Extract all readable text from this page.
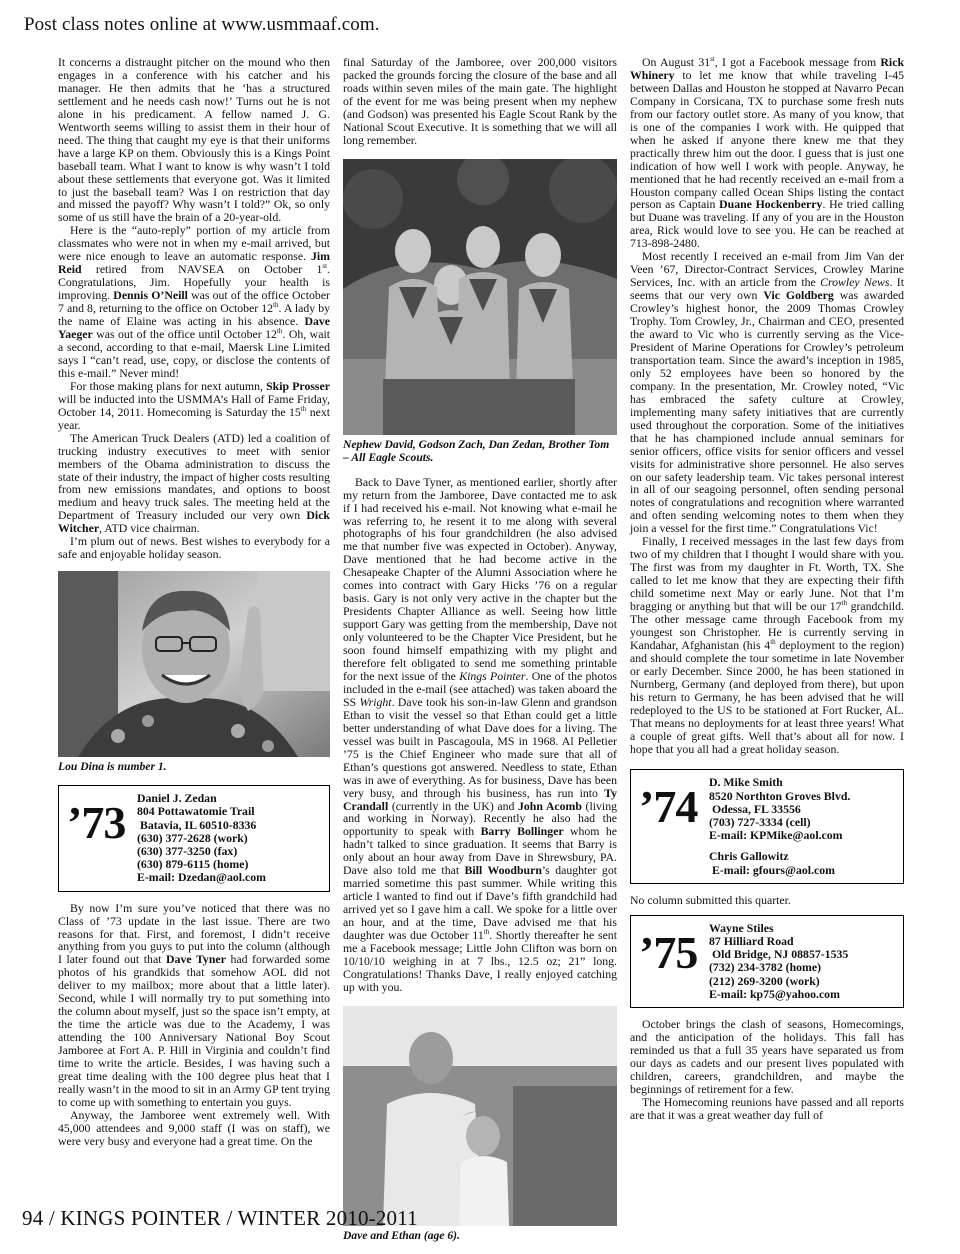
Post class notes online at www.usmmaaf.com.

It concerns a distraught pitcher on the mound who then engages in a conference with his catcher and his manager. He then admits that he ‘has a structured settlement and he needs cash now!’ Turns out he is not alone in his predicament. A fellow named J. G. Wentworth seems willing to assist them in their hour of need. The thing that caught my eye is that their uniforms have a large KP on them. Obviously this is a Kings Point baseball team. What I want to know is why wasn’t I told about these settlements that everyone got. Was it limited to just the baseball team? Was I on restriction that day and missed the payoff? Why wasn’t I told?” Ok, so only some of us still have the brain of a 20-year-old.

Here is the “auto-reply” portion of my article from classmates who were not in when my e-mail arrived, but were nice enough to leave an automatic response. Jim Reid retired from NAVSEA on October 1st. Congratulations, Jim. Hopefully your health is improving. Dennis O’Neill was out of the office October 7 and 8, returning to the office on October 12th. A lady by the name of Elaine was acting in his absence. Dave Yaeger was out of the office until October 12th. Oh, wait a second, according to that e-mail, Maersk Line Limited says I “can’t read, use, copy, or disclose the contents of this e-mail.” Never mind!

For those making plans for next autumn, Skip Prosser will be inducted into the USMMA’s Hall of Fame Friday, October 14, 2011. Homecoming is Saturday the 15th next year.

The American Truck Dealers (ATD) led a coalition of trucking industry executives to meet with senior members of the Obama administration to discuss the state of their industry, the impact of higher costs resulting from new emissions mandates, and options to boost medium and heavy truck sales. The meeting held at the Department of Treasury included our very own Dick Witcher, ATD vice chairman.

I’m plum out of news. Best wishes to everybody for a safe and enjoyable holiday season.

Lou Dina is number 1.
’73 Daniel J. Zedan
804 Pottawatomie Trail
Batavia, IL 60510-8336
(630) 377-2628 (work)
(630) 377-3250 (fax)
(630) 879-6115 (home)
E-mail: Dzedan@aol.com

By now I’m sure you’ve noticed that there was no Class of ’73 update in the last issue. There are two reasons for that. First, and foremost, I didn’t receive anything from you guys to put into the column (although I later found out that Dave Tyner had forwarded some photos of his grandkids that somehow AOL did not deliver to my mailbox; more about that a little later). Second, while I will normally try to put something into the column about myself, just so the space isn’t empty, at the time the article was due to the Academy, I was attending the 100 Anniversary National Boy Scout Jamboree at Fort A. P. Hill in Virginia and couldn’t find time to write the article. Besides, I was having such a great time dealing with the 100 degree plus heat that I really wasn’t in the mood to sit in an Army GP tent trying to come up with something to entertain you guys.

Anyway, the Jamboree went extremely well. With 45,000 attendees and 9,000 staff (I was on staff), we were very busy and everyone had a great time. On the

final Saturday of the Jamboree, over 200,000 visitors packed the grounds forcing the closure of the base and all roads within seven miles of the main gate. The highlight of the event for me was being present when my nephew (and Godson) was presented his Eagle Scout Rank by the National Scout Executive. It is something that we will all long remember.

Nephew David, Godson Zach, Dan Zedan, Brother Tom – All Eagle Scouts.

Back to Dave Tyner, as mentioned earlier, shortly after my return from the Jamboree, Dave contacted me to ask if I had received his e-mail. Not knowing what e-mail he was referring to, he resent it to me along with several photographs of his four grandchildren (he also advised me that number five was expected in October). Anyway, Dave mentioned that he had become active in the Chesapeake Chapter of the Alumni Association where he comes into contract with Gary Hicks ’76 on a regular basis. Gary is not only very active in the chapter but the Presidents Chapter Alliance as well. Seeing how little support Gary was getting from the membership, Dave not only volunteered to be the Chapter Vice President, but he soon found himself empathizing with my plight and therefore felt obligated to send me something printable for the next issue of the Kings Pointer. One of the photos included in the e-mail (see attached) was taken aboard the SS Wright. Dave took his son-in-law Glenn and grandson Ethan to visit the vessel so that Ethan could get a little better understanding of what Dave does for a living. The vessel was built in Pascagoula, MS in 1968. Al Pelletier ’75 is the Chief Engineer who made sure that all of Ethan’s questions got answered. Needless to state, Ethan was in awe of everything. As for business, Dave has been very busy, and through his business, has run into Ty Crandall (currently in the UK) and John Acomb (living and working in Norway). Recently he also had the opportunity to speak with Barry Bollinger whom he hadn’t talked to since graduation. It seems that Barry is only about an hour away from Dave in Shrewsbury, PA. Dave also told me that Bill Woodburn’s daughter got married sometime this past summer. While writing this article I wanted to find out if Dave’s fifth grandchild had arrived yet so I gave him a call. We spoke for a little over an hour, and at the time, Dave advised me that his daughter was due October 11th. Shortly thereafter he sent me a Facebook message; Little John Clifton was born on 10/10/10 weighing in at 7 lbs., 12.5 oz; 21” long. Congratulations! Thanks Dave, I really enjoyed catching up with you.

Dave and Ethan (age 6).

On August 31st, I got a Facebook message from Rick Whinery to let me know that while traveling I-45 between Dallas and Houston he stopped at Navarro Pecan Company in Corsicana, TX to purchase some fresh nuts from our factory outlet store. As many of you know, that is one of the companies I work with. He quipped that when he asked if anyone there knew me that they practically threw him out the door. I guess that is just one indication of how well I work with people. Anyway, he mentioned that he had recently received an e-mail from a Houston company called Ocean Ships listing the contact person as Captain Duane Hockenberry. He tried calling but Duane was traveling. If any of you are in the Houston area, Rick would love to see you. He can be reached at 713-898-2480.

Most recently I received an e-mail from Jim Van der Veen ’67, Director-Contract Services, Crowley Marine Services, Inc. with an article from the Crowley News. It seems that our very own Vic Goldberg was awarded Crowley’s highest honor, the 2009 Thomas Crowley Trophy. Tom Crowley, Jr., Chairman and CEO, presented the award to Vic who is currently serving as the Vice-President of Marine Operations for Crowley’s petroleum transportation team. Since the award’s inception in 1985, only 52 employees have been so honored by the company. In the presentation, Mr. Crowley noted, “Vic has embraced the safety culture at Crowley, implementing many safety initiatives that are currently used throughout the corporation. Some of the initiatives that he has championed include annual seminars for senior officers, office visits for senior officers and vessel visits for administrative shore personnel. He also serves on our safety leadership team. Vic takes personal interest in all of our seagoing personnel, often sending personal notes of congratulations and recognition where warranted and often sending welcoming notes to them when they join a vessel for the first time.” Congratulations Vic!

Finally, I received messages in the last few days from two of my children that I thought I would share with you. The first was from my daughter in Ft. Worth, TX. She called to let me know that they are expecting their fifth child sometime next May or early June. Not that I’m bragging or anything but that will be our 17th grandchild. The other message came through Facebook from my youngest son Christopher. He is currently serving in Kandahar, Afghanistan (his 4th deployment to the region) and should complete the tour sometime in late November or early December. Since 2000, he has been stationed in Nurnberg, Germany (and deployed from there), but upon his return to Germany, he has been advised that he will redeployed to the US to be stationed at Fort Rucker, AL. That means no deployments for at least three years! What a couple of great gifts. Well that’s about all for now. I hope that you all had a great holiday season.

’74 D. Mike Smith
8520 Northton Groves Blvd.
Odessa, FL 33556
(703) 727-3334 (cell)
E-mail: KPMike@aol.com
Chris Gallowitz
E-mail: gfours@aol.com
No column submitted this quarter.
’75 Wayne Stiles
87 Hilliard Road
Old Bridge, NJ 08857-1535
(732) 234-3782 (home)
(212) 269-3200 (work)
E-mail: kp75@yahoo.com

October brings the clash of seasons, Homecomings, and the anticipation of the holidays. This fall has reminded us that a full 35 years have separated us from our days as cadets and our present lives populated with children, careers, grandchildren, and maybe the beginnings of retirement for a few.

The Homecoming reunions have passed and all reports are that it was a great weather day full of

94 / KINGS POINTER / WINTER 2010-2011
